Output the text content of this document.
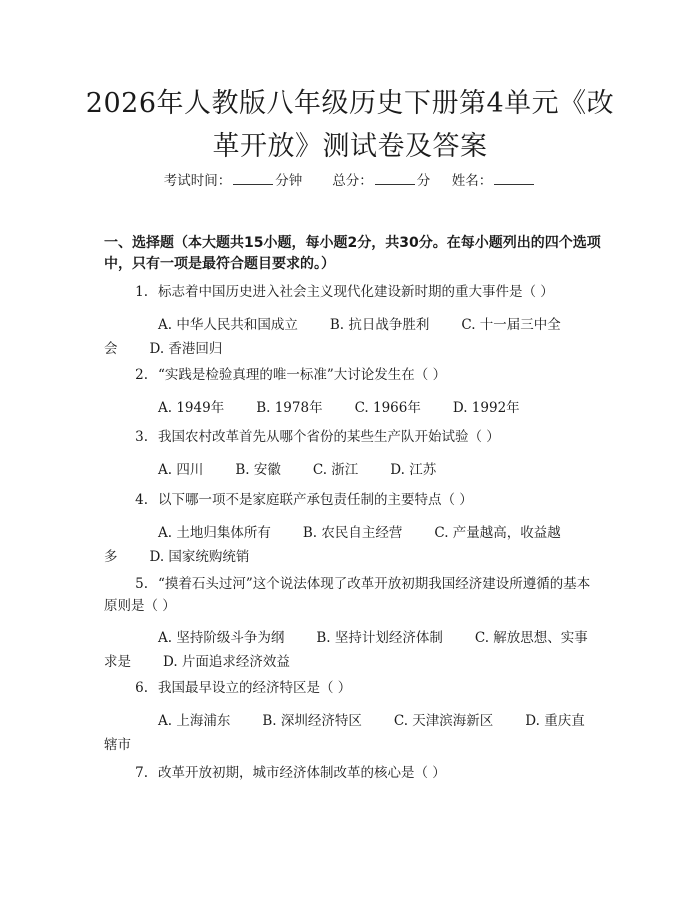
2026年人教版八年级历史下册第4单元《改
革开放》测试卷及答案
考试时间：	分钟 总分：	分 姓名：
一、选择题（本大题共15小题，每小题2分，共30分。在每小题列出的四个选项中，只有一项是最符合题目要求的。）
1. 标志着中国历史进入社会主义现代化建设新时期的重大事件是（ ）
A. 中华人民共和国成立 B. 抗日战争胜利 C. 十一届三中全会 D. 香港回归
2. “实践是检验真理的唯一标准”大讨论发生在（ ）
A. 1949年 B. 1978年 C. 1966年 D. 1992年
3. 我国农村改革首先从哪个省份的某些生产队开始试验（ ）
A. 四川 B. 安徽 C. 浙江 D. 江苏
4. 以下哪一项不是家庭联产承包责任制的主要特点（ ）
A. 土地归集体所有 B. 农民自主经营 C. 产量越高，收益越多 D. 国家统购统销
5. “摸着石头过河”这个说法体现了改革开放初期我国经济建设所遵循的基本原则是（ ）
A. 坚持阶级斗争为纲 B. 坚持计划经济体制 C. 解放思想、实事求是 D. 片面追求经济效益
6. 我国最早设立的经济特区是（ ）
A. 上海浦东 B. 深圳经济特区 C. 天津滨海新区 D. 重庆直辖市
7. 改革开放初期，城市经济体制改革的核心是（ ）
